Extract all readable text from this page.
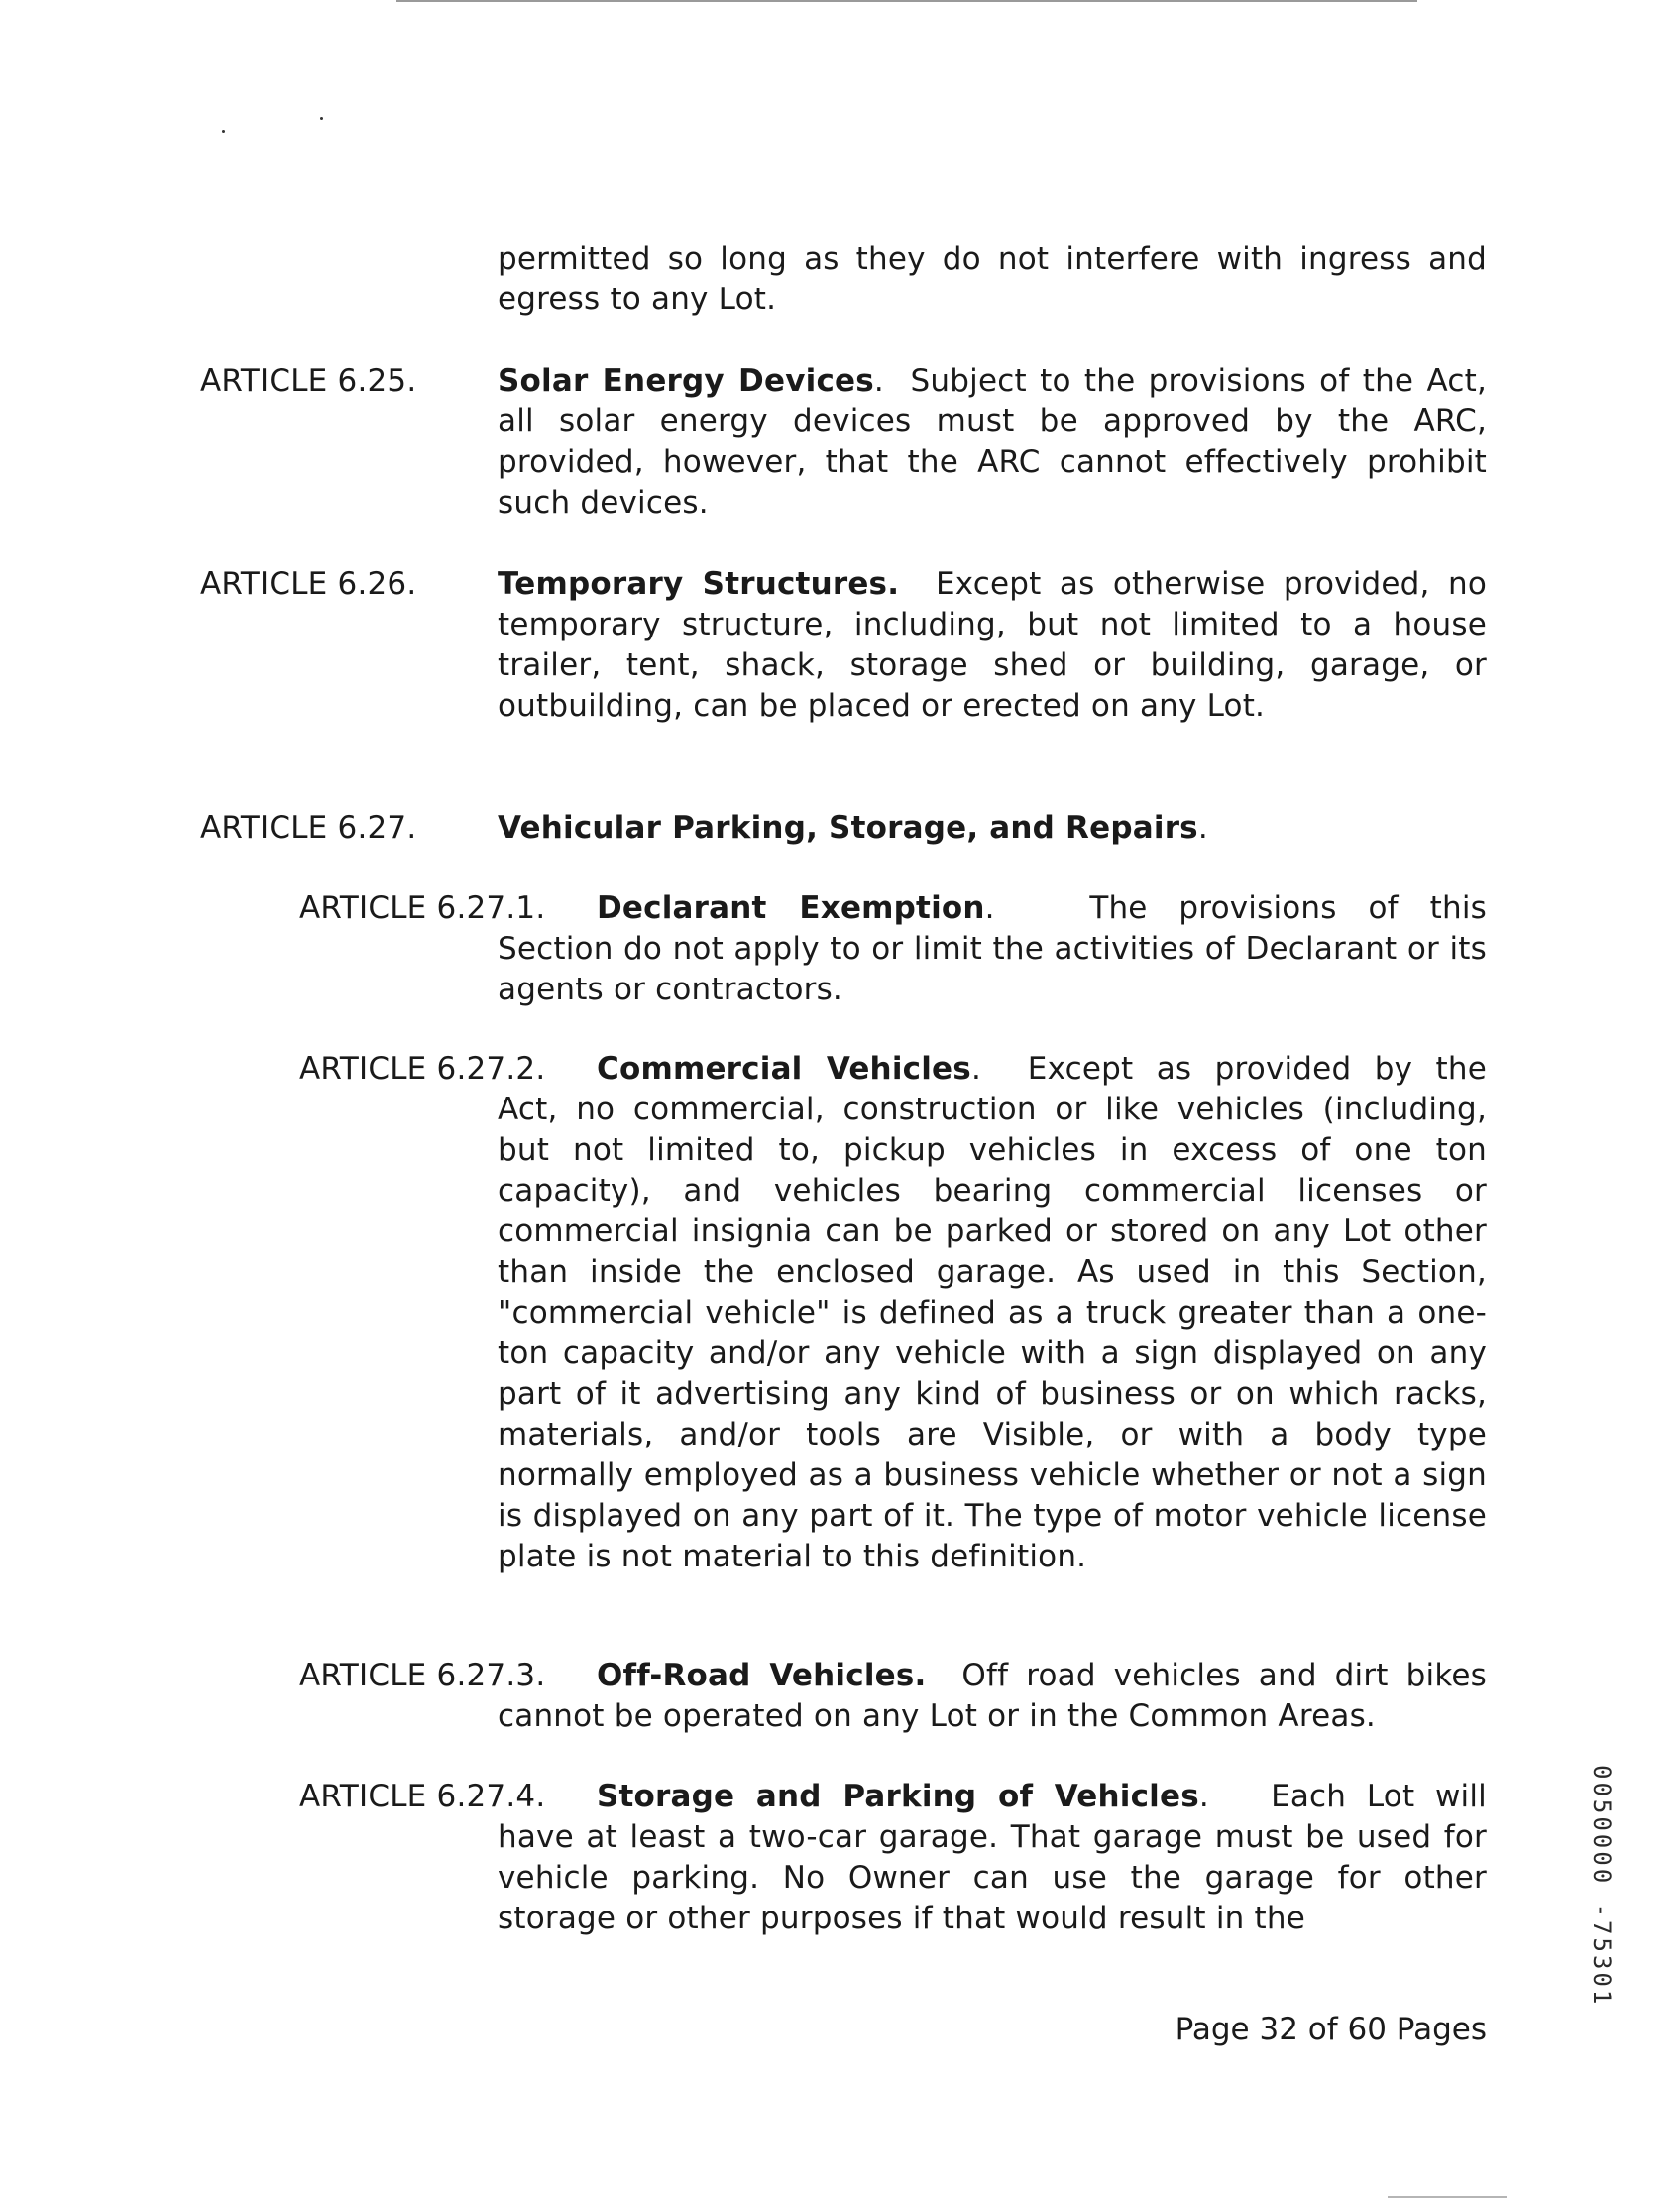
permitted so long as they do not interfere with ingress and egress to any Lot.
ARTICLE 6.25.	Solar Energy Devices. Subject to the provisions of the Act, all solar energy devices must be approved by the ARC, provided, however, that the ARC cannot effectively prohibit such devices.
ARTICLE 6.26.	Temporary Structures. Except as otherwise provided, no temporary structure, including, but not limited to a house trailer, tent, shack, storage shed or building, garage, or outbuilding, can be placed or erected on any Lot.
ARTICLE 6.27.	Vehicular Parking, Storage, and Repairs.
ARTICLE 6.27.1. Declarant Exemption.	The provisions of this
Section do not apply to or limit the activities of Declarant or its agents or contractors.
ARTICLE 6.27.2. Commercial Vehicles. Except as provided by the
Act, no commercial, construction or like vehicles (including, but not limited to, pickup vehicles in excess of one ton capacity), and vehicles bearing commercial licenses or commercial insignia can be parked or stored on any Lot other than inside the enclosed garage. As used in this Section, "commercial vehicle" is defined as a truck greater than a one-ton capacity and/or any vehicle with a sign displayed on any part of it advertising any kind of business or on which racks, materials, and/or tools are Visible, or with a body type normally employed as a business vehicle whether or not a sign is displayed on any part of it. The type of motor vehicle license plate is not material to this definition.
ARTICLE 6.27.3. Off-Road Vehicles. Off road vehicles and dirt bikes
cannot be operated on any Lot or in the Common Areas.
ARTICLE 6.27.4. Storage and Parking of Vehicles. Each Lot will
have at least a two-car garage. That garage must be used for vehicle parking. No Owner can use the garage for other storage or other purposes if that would result in the
Page 32 of 60 Pages
0050000 -75301
